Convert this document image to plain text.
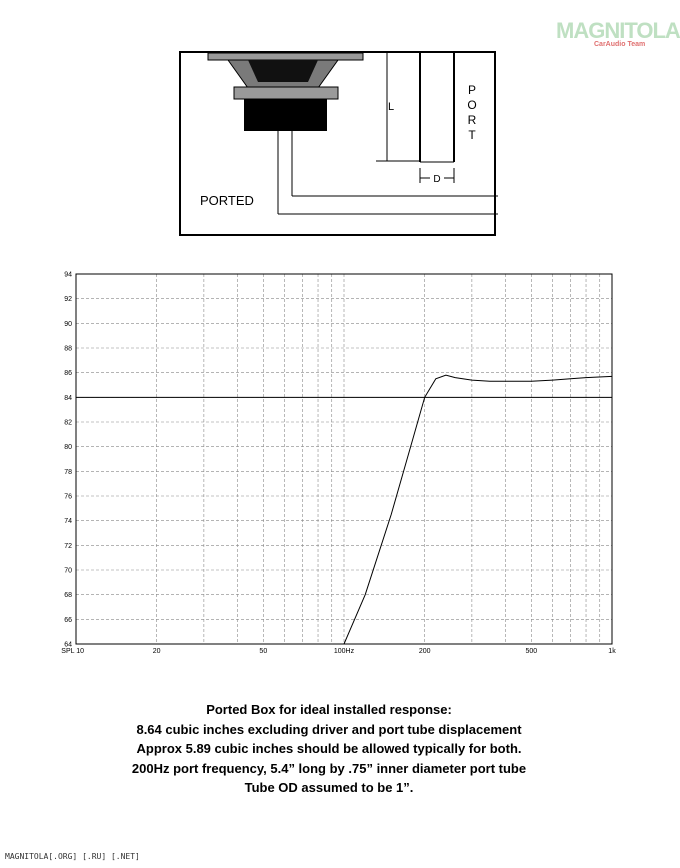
MAGNITOLA
CarAudio Team
L
D
P
O
R
T
PORTED
64
66
68
70
72
74
76
78
80
82
84
86
88
90
92
94
SPL 10	20	50	100Hz	200	500	1k
Ported Box for ideal installed response:
8.64 cubic inches excluding driver and port tube displacement
Approx 5.89 cubic inches should be allowed typically for both.
200Hz port frequency, 5.4” long by .75” inner diameter port tube
Tube OD assumed to be 1”.
MAGNITOLA[.ORG] [.RU] [.NET]
